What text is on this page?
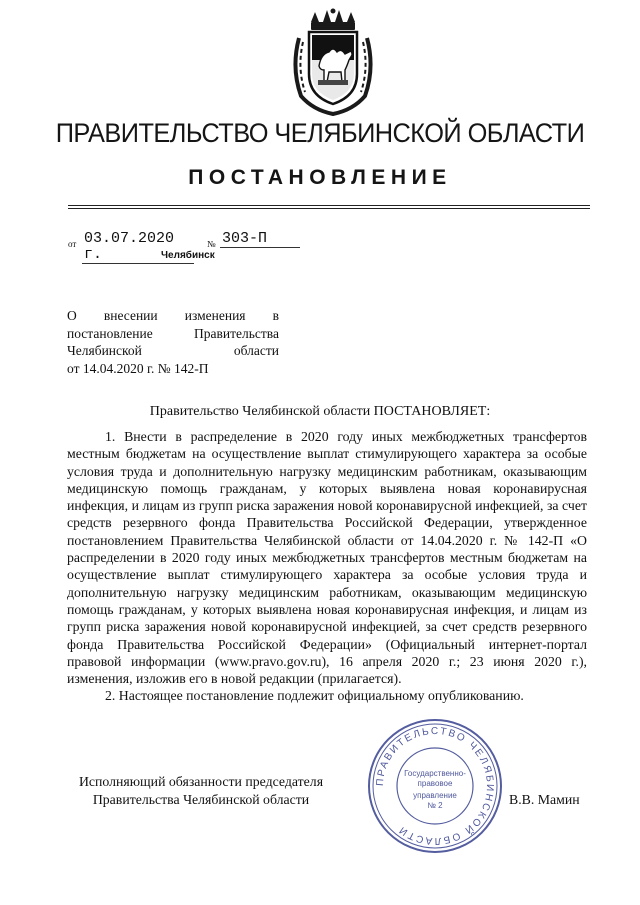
ПРАВИТЕЛЬСТВО ЧЕЛЯБИНСКОЙ ОБЛАСТИ
ПОСТАНОВЛЕНИЕ
от 03.07.2020 г.
№ 303-П
Челябинск
О внесении изменения в
постановление Правительства
Челябинской области
от 14.04.2020 г. № 142-П
Правительство Челябинской области ПОСТАНОВЛЯЕТ:

1. Внести в распределение в 2020 году иных межбюджетных трансфертов местным бюджетам на осуществление выплат стимулирующего характера за особые условия труда и дополнительную нагрузку медицинским работникам, оказывающим медицинскую помощь гражданам, у которых выявлена новая коронавирусная инфекция, и лицам из групп риска заражения новой коронавирусной инфекцией, за счет средств резервного фонда Правительства Российской Федерации, утвержденное постановлением Правительства Челябинской области от 14.04.2020 г. № 142-П «О распределении в 2020 году иных межбюджетных трансфертов местным бюджетам на осуществление выплат стимулирующего характера за особые условия труда и дополнительную нагрузку медицинским работникам, оказывающим медицинскую помощь гражданам, у которых выявлена новая коронавирусная инфекция, и лицам из групп риска заражения новой коронавирусной инфекцией, за счет средств резервного фонда Правительства Российской Федерации» (Официальный интернет-портал правовой информации (www.pravo.gov.ru), 16 апреля 2020 г.; 23 июня 2020 г.), изменения, изложив его в новой редакции (прилагается).

2. Настоящее постановление подлежит официальному опубликованию.

Исполняющий обязанности председателя
Правительства Челябинской области	В.В. Мамин
ПРАВИТЕЛЬСТВО ЧЕЛЯБИНСКОЙ ОБЛАСТИ
Государственно-
правовое
управление
№ 2
